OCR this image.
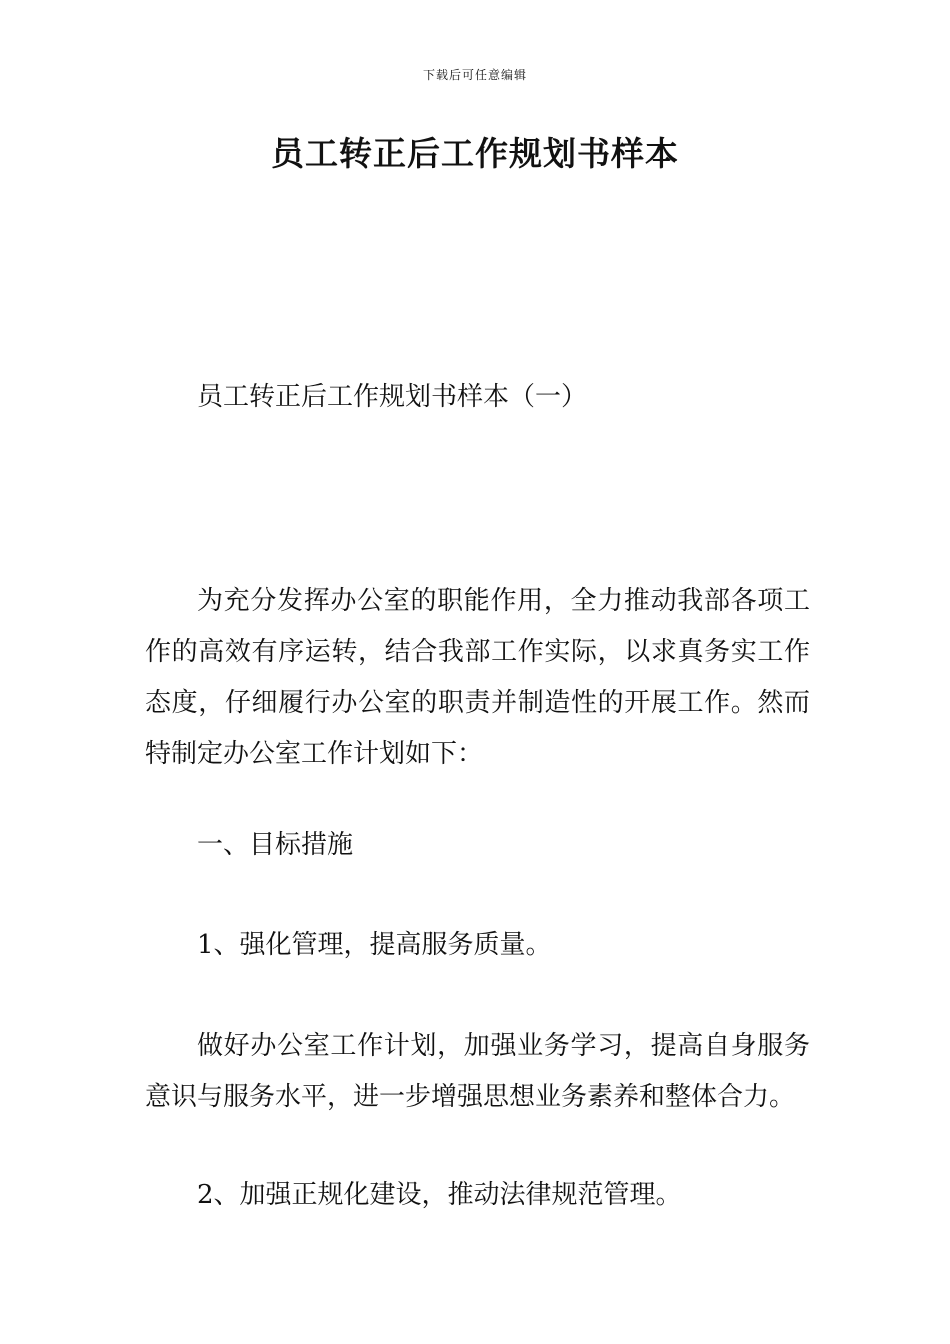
下载后可任意编辑
员工转正后工作规划书样本
员工转正后工作规划书样本（一）
为充分发挥办公室的职能作用，全力推动我部各项工作的高效有序运转，结合我部工作实际，以求真务实工作态度，仔细履行办公室的职责并制造性的开展工作。然而特制定办公室工作计划如下：
一、目标措施
1、强化管理，提高服务质量。
做好办公室工作计划，加强业务学习，提高自身服务意识与服务水平，进一步增强思想业务素养和整体合力。
2、加强正规化建设，推动法律规范管理。
